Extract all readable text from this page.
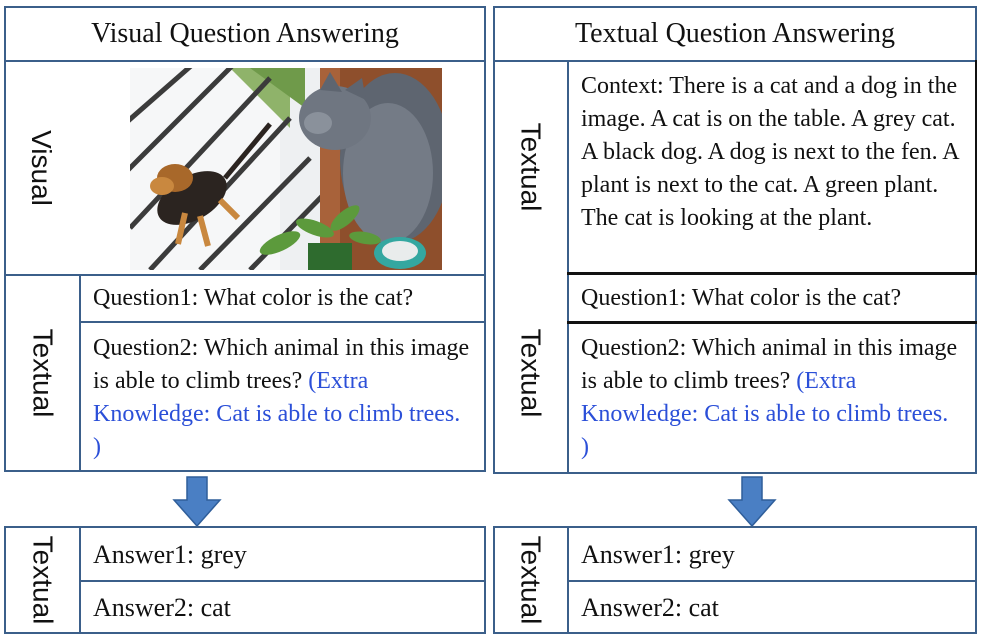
Visual Question Answering
Visual
Textual
Question1: What color is the cat?
Question2: Which animal in this image is able to climb trees? (Extra Knowledge: Cat is able to climb trees. )
Textual	Answer1: grey
Answer2: cat
Textual Question Answering
Textual
Textual
Context: There is a cat and a dog in the image. A cat is on the table. A grey cat. A black dog. A dog is next to the fen. A plant is next to the cat. A green plant. The cat is looking at the plant.
Question1: What color is the cat?
Question2: Which animal in this image is able to climb trees? (Extra Knowledge: Cat is able to climb trees. )
Textual	Answer1: grey
Answer2: cat
